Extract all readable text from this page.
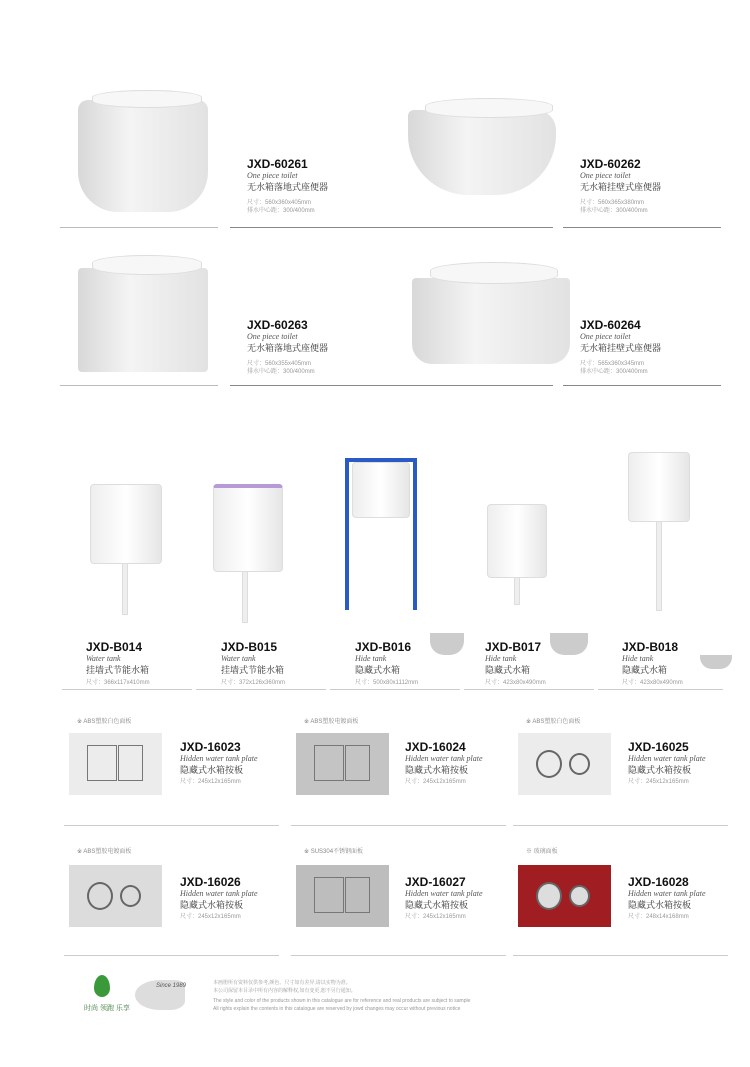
JXD-60261
One piece toilet
无水箱落地式座便器
尺寸：560x360x405mm
排水中心距：300/400mm
JXD-60262
One piece toilet
无水箱挂壁式座便器
尺寸：560x365x380mm
排水中心距：300/400mm
JXD-60263
One piece toilet
无水箱落地式座便器
尺寸：560x355x405mm
排水中心距：300/400mm
JXD-60264
One piece toilet
无水箱挂壁式座便器
尺寸：565x360x345mm
排水中心距：300/400mm
JXD-B014
Water tank
挂墙式节能水箱
尺寸：366x117x410mm
JXD-B015
Water tank
挂墙式节能水箱
尺寸：372x126x360mm
JXD-B016
Hide tank
隐藏式水箱
尺寸：500x80x1112mm
JXD-B017
Hide tank
隐藏式水箱
尺寸：423x80x490mm
JXD-B018
Hide tank
隐藏式水箱
尺寸：423x80x490mm
※ ABS塑胶白色面板
JXD-16023
Hidden water tank plate
隐藏式水箱按板
尺寸：245x12x165mm
※ ABS塑胶电镀面板
JXD-16024
Hidden water tank plate
隐藏式水箱按板
尺寸：245x12x165mm
※ ABS塑胶白色面板
JXD-16025
Hidden water tank plate
隐藏式水箱按板
尺寸：245x12x165mm
※ ABS塑胶电镀面板
JXD-16026
Hidden water tank plate
隐藏式水箱按板
尺寸：245x12x165mm
※ SUS304不锈钢面板
JXD-16027
Hidden water tank plate
隐藏式水箱按板
尺寸：245x12x165mm
※ 玻璃面板
JXD-16028
Hidden water tank plate
隐藏式水箱按板
尺寸：248x14x168mm
时尚 领跑 乐享
Since 1989	本画册所有资料仅供参考,颜色、尺寸如有差异,请以实物为准。
本公司保留本目录中所有内容的解释权,如有变更,恕不另行通知。
The style and color of the products shown in this catalogue are for reference and real products are subject to sample
All rights explain the contents in this catalogue are reserved by jowd changes may occur without previous notice
